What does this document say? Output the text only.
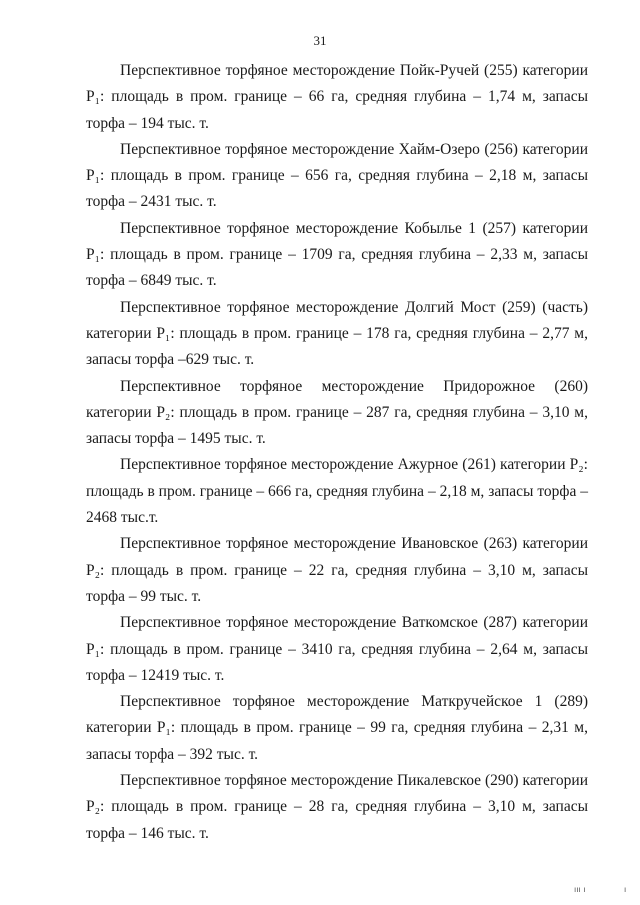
31

Перспективное торфяное месторождение Пойк-Ручей (255) категории P₁: площадь в пром. границе – 66 га, средняя глубина – 1,74 м, запасы торфа – 194 тыс. т.

Перспективное торфяное месторождение Хайм-Озеро (256) категории P₁: площадь в пром. границе – 656 га, средняя глубина – 2,18 м, запасы торфа – 2431 тыс. т.

Перспективное торфяное месторождение Кобылье 1 (257) категории P₁: площадь в пром. границе – 1709 га, средняя глубина – 2,33 м, запасы торфа – 6849 тыс. т.

Перспективное торфяное месторождение Долгий Мост (259) (часть) категории P₁: площадь в пром. границе – 178 га, средняя глубина – 2,77 м, запасы торфа –629 тыс. т.

Перспективное торфяное месторождение Придорожное (260) категории P₂: площадь в пром. границе – 287 га, средняя глубина – 3,10 м, запасы торфа – 1495 тыс. т.

Перспективное торфяное месторождение Ажурное (261) категории P₂: площадь в пром. границе – 666 га, средняя глубина – 2,18 м, запасы торфа – 2468 тыс.т.

Перспективное торфяное месторождение Ивановское (263) категории P₂: площадь в пром. границе – 22 га, средняя глубина – 3,10 м, запасы торфа – 99 тыс. т.

Перспективное торфяное месторождение Ваткомское (287) категории P₁: площадь в пром. границе – 3410 га, средняя глубина – 2,64 м, запасы торфа – 12419 тыс. т.

Перспективное торфяное месторождение Маткручейское 1 (289) категории P₁: площадь в пром. границе – 99 га, средняя глубина – 2,31 м, запасы торфа – 392 тыс. т.

Перспективное торфяное месторождение Пикалевское (290) категории P₂: площадь в пром. границе – 28 га, средняя глубина – 3,10 м, запасы торфа – 146 тыс. т.

ııı ı	ı
